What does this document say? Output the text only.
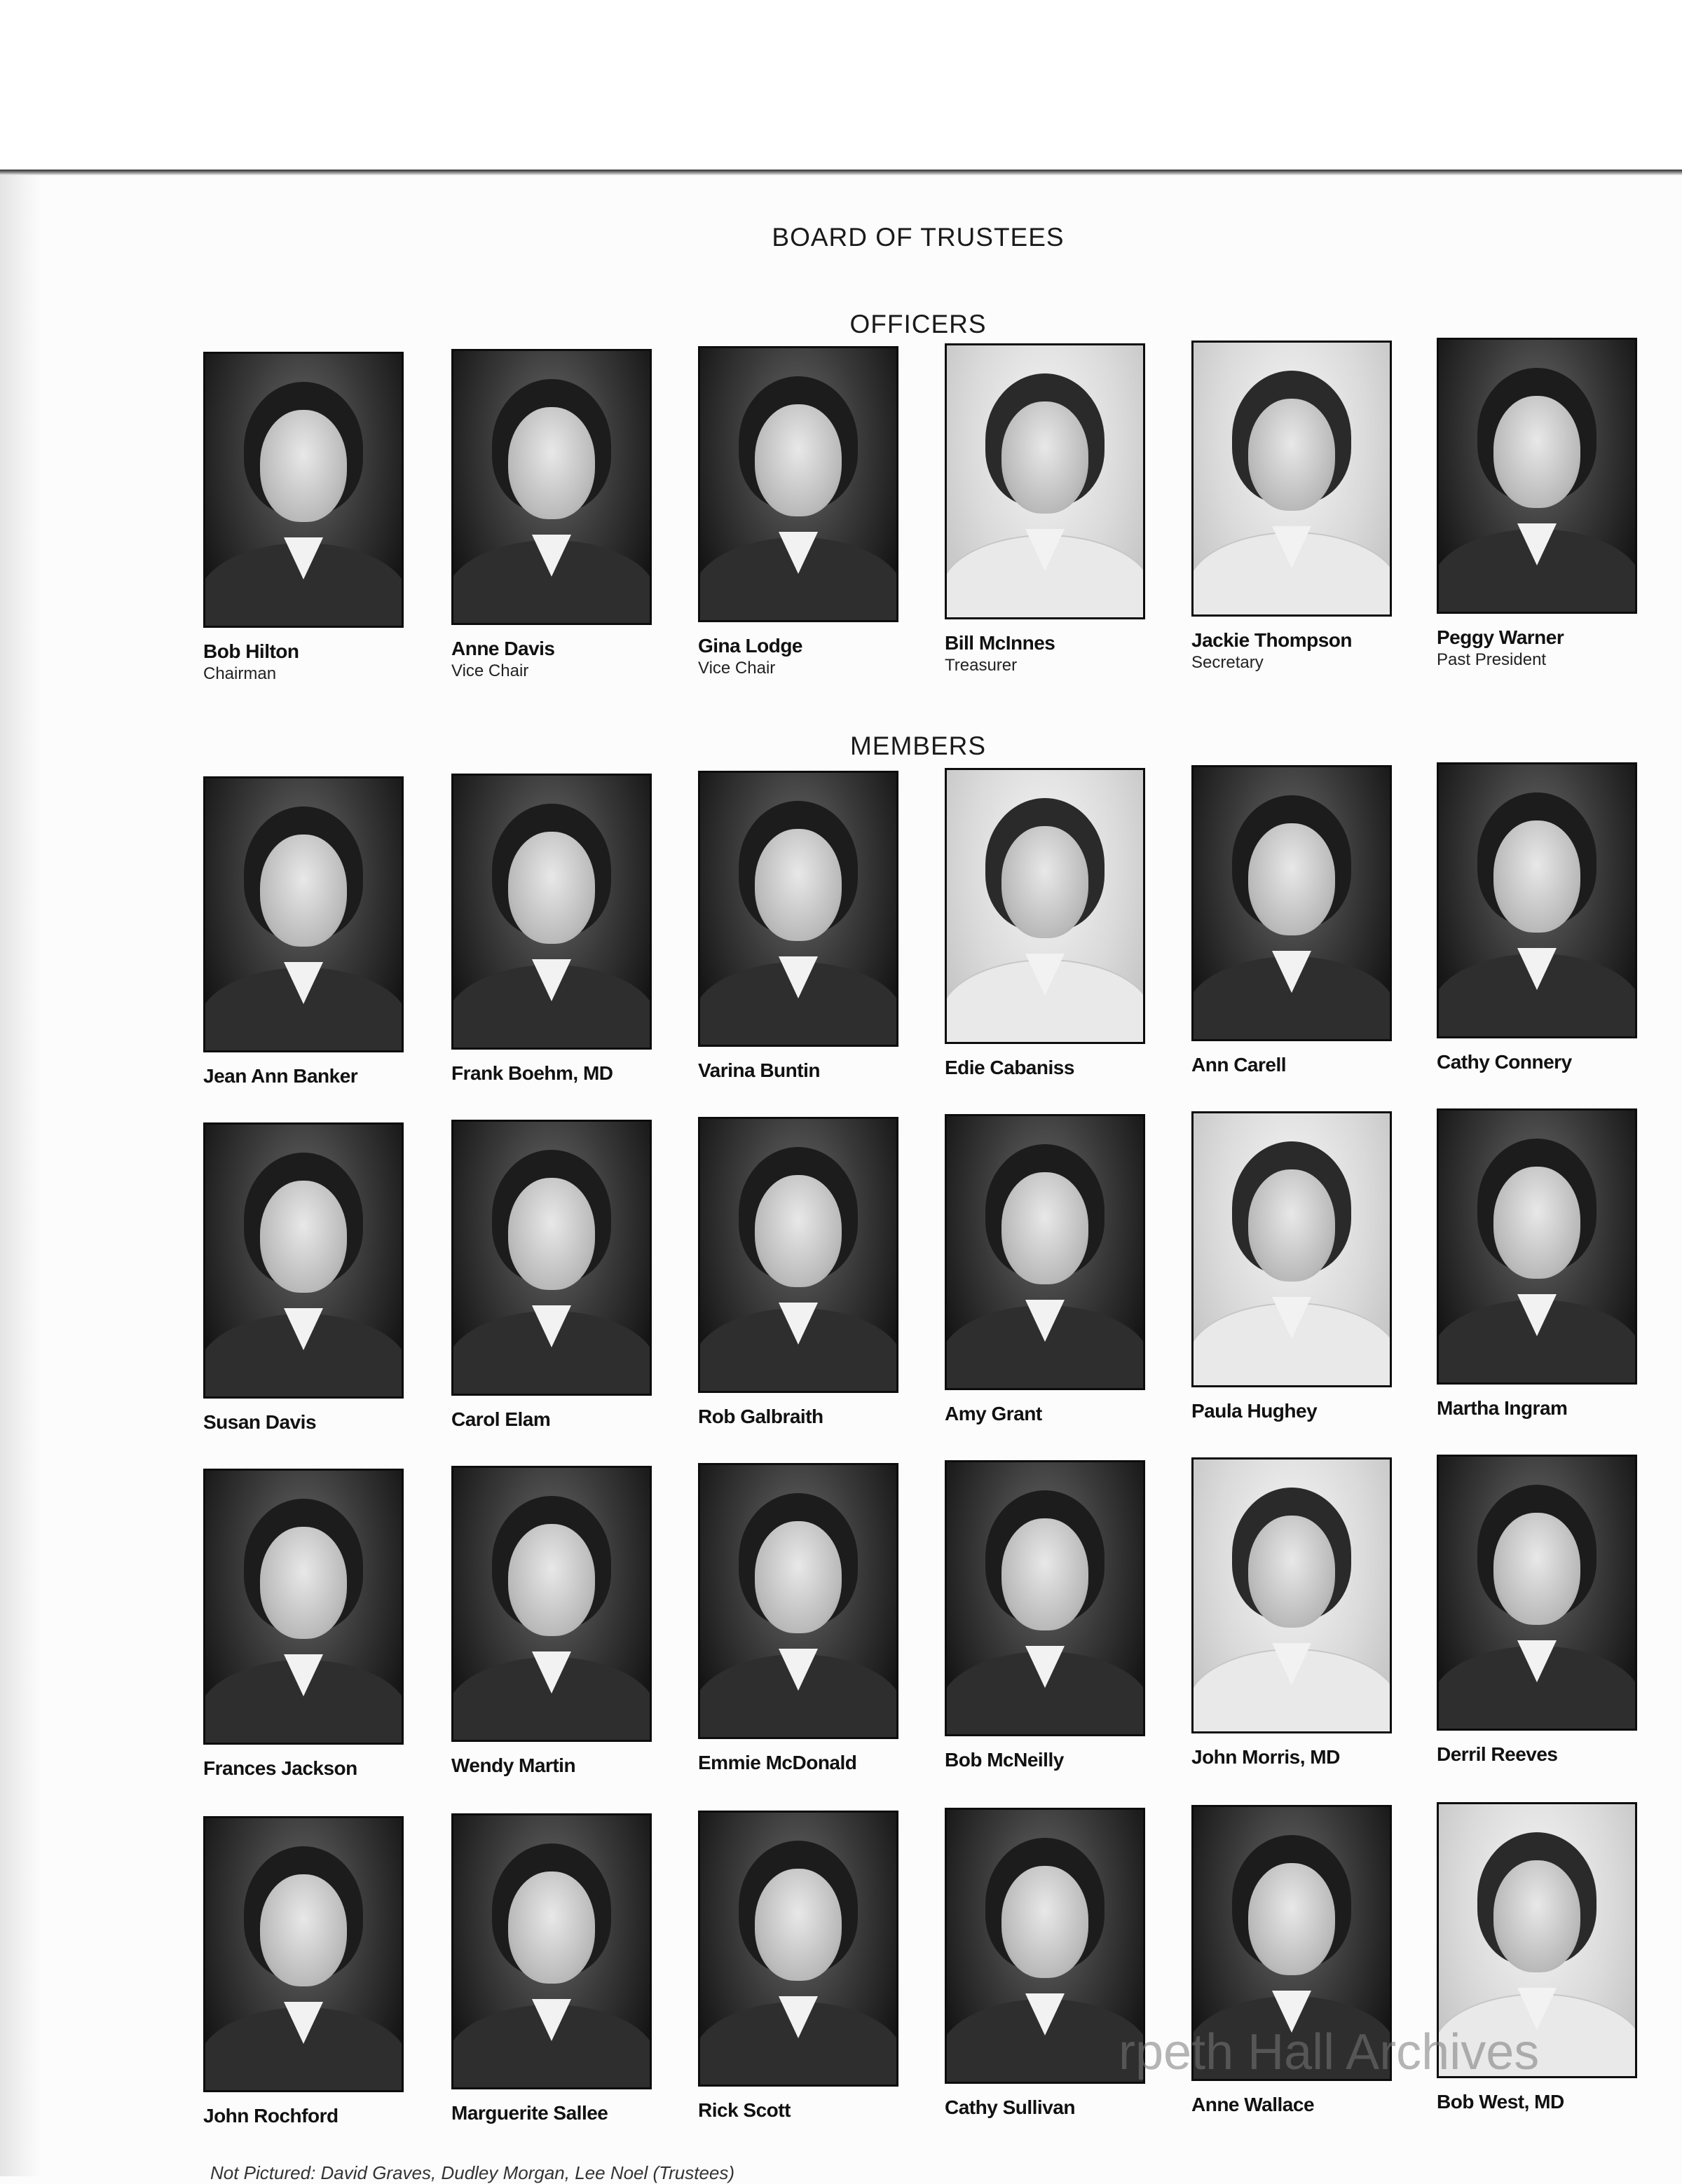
BOARD OF TRUSTEES
OFFICERS
MEMBERS
Bob Hilton
Chairman
Anne Davis
Vice Chair
Gina Lodge
Vice Chair
Bill McInnes
Treasurer
Jackie Thompson
Secretary
Peggy Warner
Past President
Jean Ann Banker	Frank Boehm, MD	Varina Buntin	Edie Cabaniss	Ann Carell	Cathy Connery
Susan Davis	Carol Elam	Rob Galbraith	Amy Grant	Paula Hughey	Martha Ingram
Frances Jackson	Wendy Martin	Emmie McDonald	Bob McNeilly	John Morris, MD	Derril Reeves
John Rochford	Marguerite Sallee	Rick Scott	Cathy Sullivan	Anne Wallace	Bob West, MD
rpeth Hall Archives
Not Pictured: David Graves, Dudley Morgan, Lee Noel (Trustees)
